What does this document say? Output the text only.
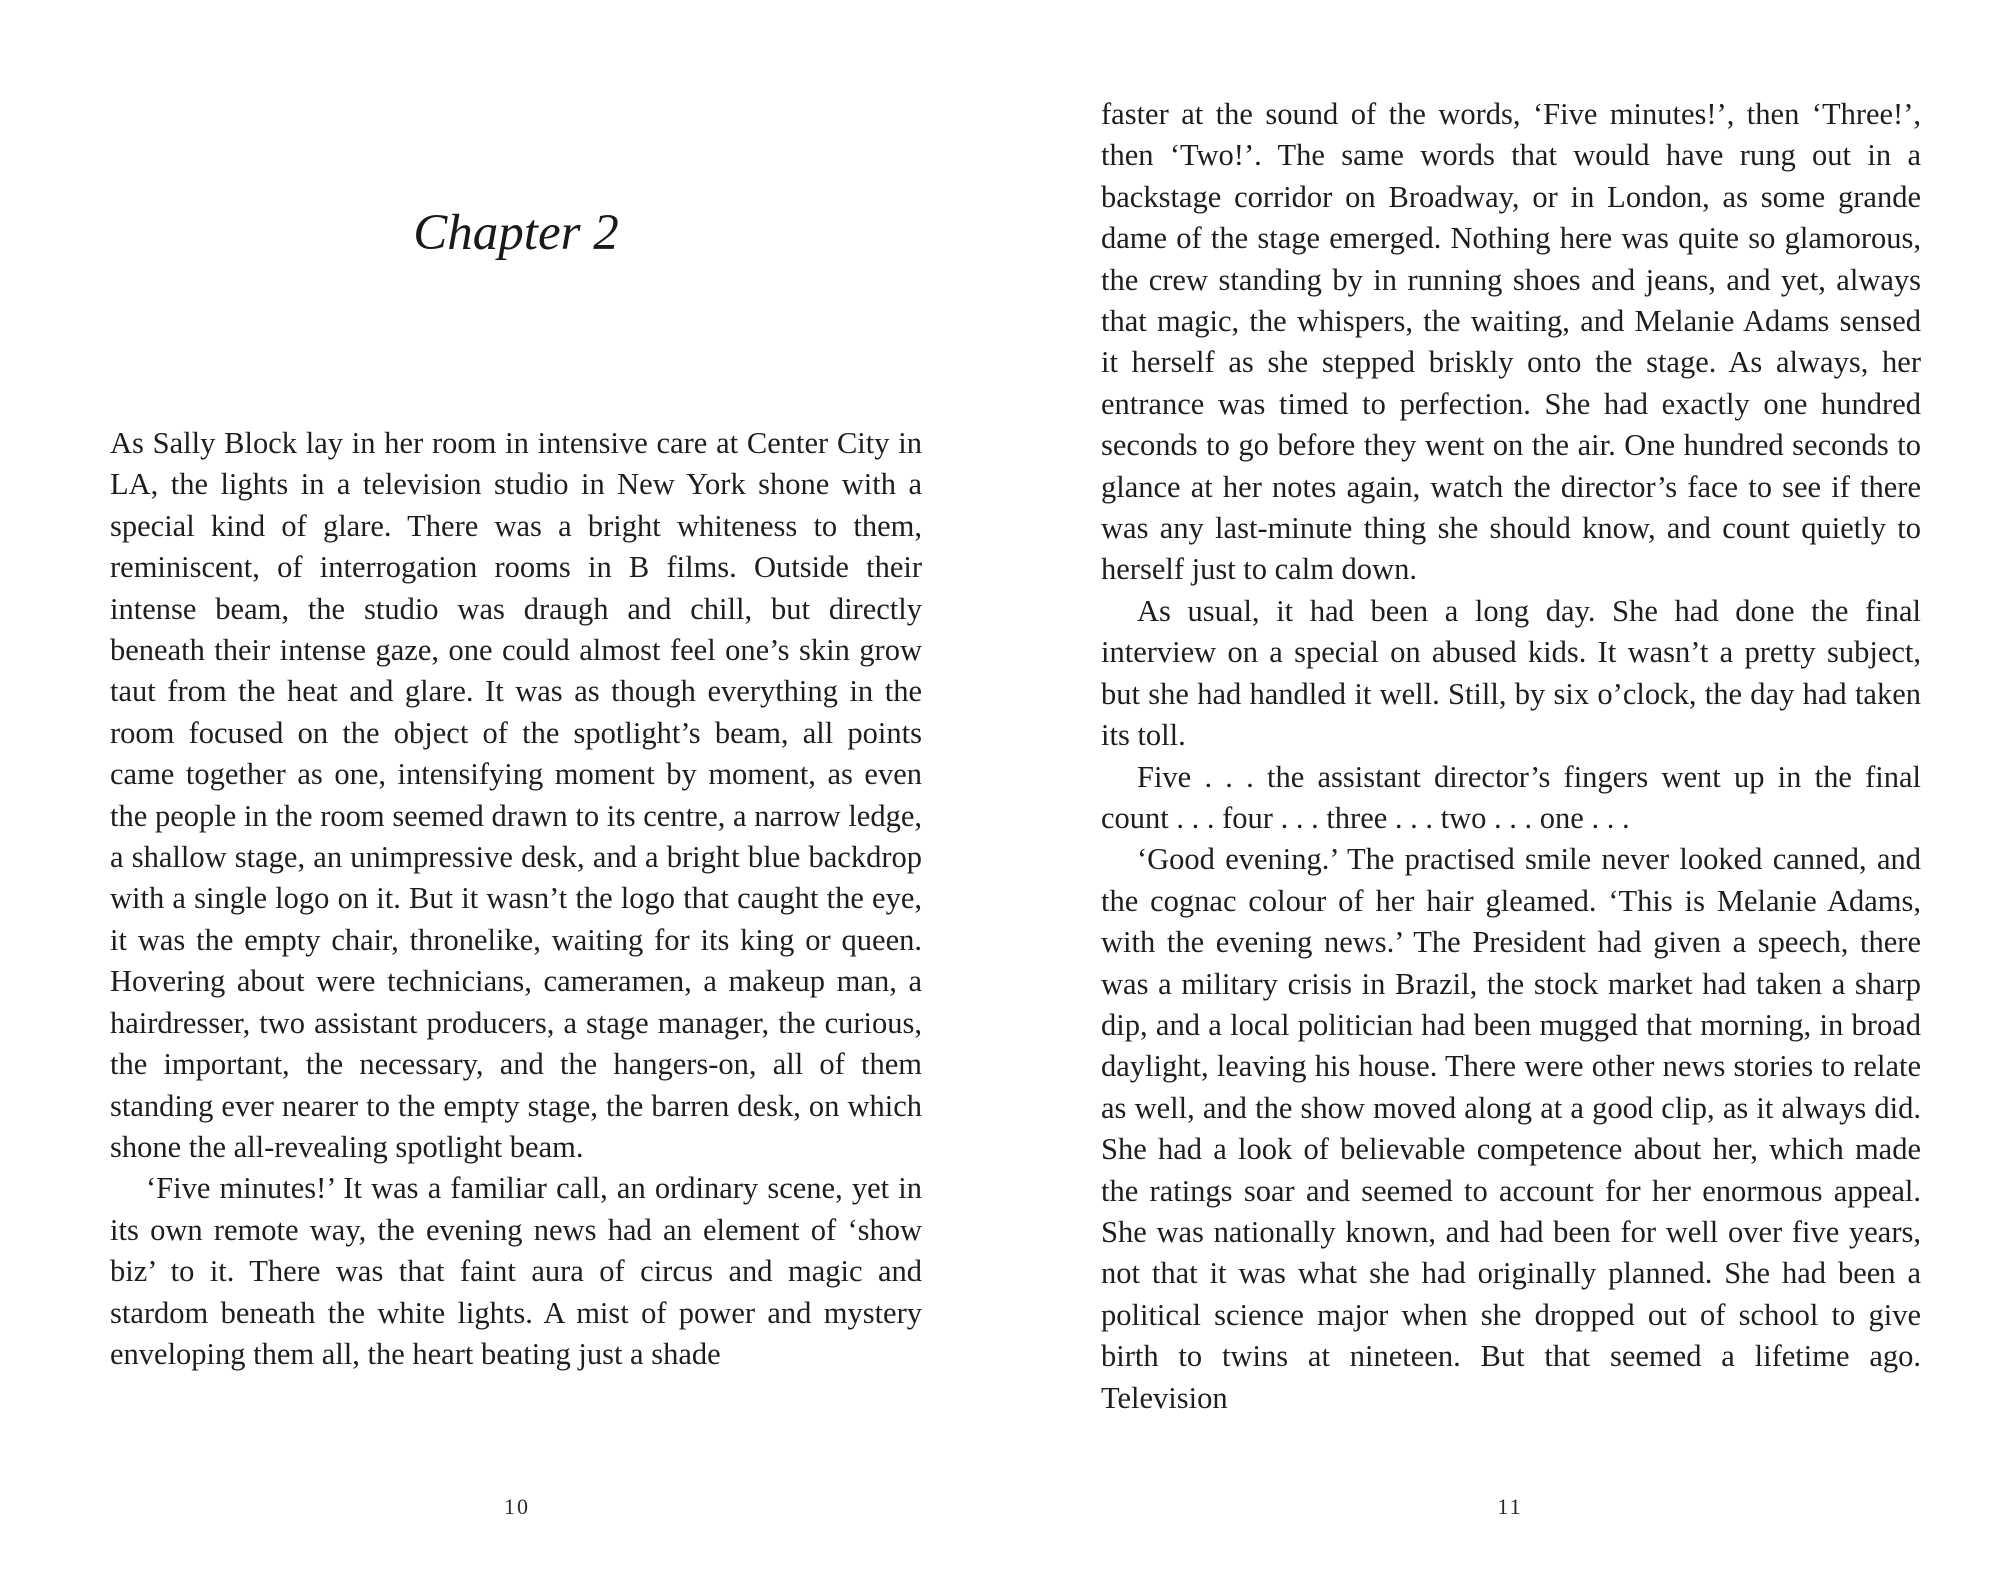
Chapter 2

As Sally Block lay in her room in intensive care at Center City in LA, the lights in a television studio in New York shone with a special kind of glare. There was a bright whiteness to them, reminiscent, of interrogation rooms in B films. Outside their intense beam, the studio was draugh and chill, but directly beneath their intense gaze, one could almost feel one’s skin grow taut from the heat and glare. It was as though everything in the room focused on the object of the spotlight’s beam, all points came together as one, intensifying moment by moment, as even the people in the room seemed drawn to its centre, a narrow ledge, a shallow stage, an unimpressive desk, and a bright blue backdrop with a single logo on it. But it wasn’t the logo that caught the eye, it was the empty chair, thronelike, waiting for its king or queen. Hovering about were technicians, cameramen, a makeup man, a hairdresser, two assistant producers, a stage manager, the curious, the important, the necessary, and the hangers-on, all of them standing ever nearer to the empty stage, the barren desk, on which shone the all-revealing spotlight beam.

‘Five minutes!’ It was a familiar call, an ordinary scene, yet in its own remote way, the evening news had an element of ‘show biz’ to it. There was that faint aura of circus and magic and stardom beneath the white lights. A mist of power and mystery enveloping them all, the heart beating just a shade

10

faster at the sound of the words, ‘Five minutes!’, then ‘Three!’, then ‘Two!’. The same words that would have rung out in a backstage corridor on Broadway, or in London, as some grande dame of the stage emerged. Nothing here was quite so glamorous, the crew standing by in running shoes and jeans, and yet, always that magic, the whispers, the waiting, and Melanie Adams sensed it herself as she stepped briskly onto the stage. As always, her entrance was timed to perfection. She had exactly one hundred seconds to go before they went on the air. One hundred seconds to glance at her notes again, watch the director’s face to see if there was any last-minute thing she should know, and count quietly to herself just to calm down.

As usual, it had been a long day. She had done the final interview on a special on abused kids. It wasn’t a pretty subject, but she had handled it well. Still, by six o’clock, the day had taken its toll.

Five . . . the assistant director’s fingers went up in the final count . . . four . . . three . . . two . . . one . . .

‘Good evening.’ The practised smile never looked canned, and the cognac colour of her hair gleamed. ‘This is Melanie Adams, with the evening news.’ The President had given a speech, there was a military crisis in Brazil, the stock market had taken a sharp dip, and a local politician had been mugged that morning, in broad daylight, leaving his house. There were other news stories to relate as well, and the show moved along at a good clip, as it always did. She had a look of believable competence about her, which made the ratings soar and seemed to account for her enormous appeal. She was nationally known, and had been for well over five years, not that it was what she had originally planned. She had been a political science major when she dropped out of school to give birth to twins at nineteen. But that seemed a lifetime ago. Television

11
